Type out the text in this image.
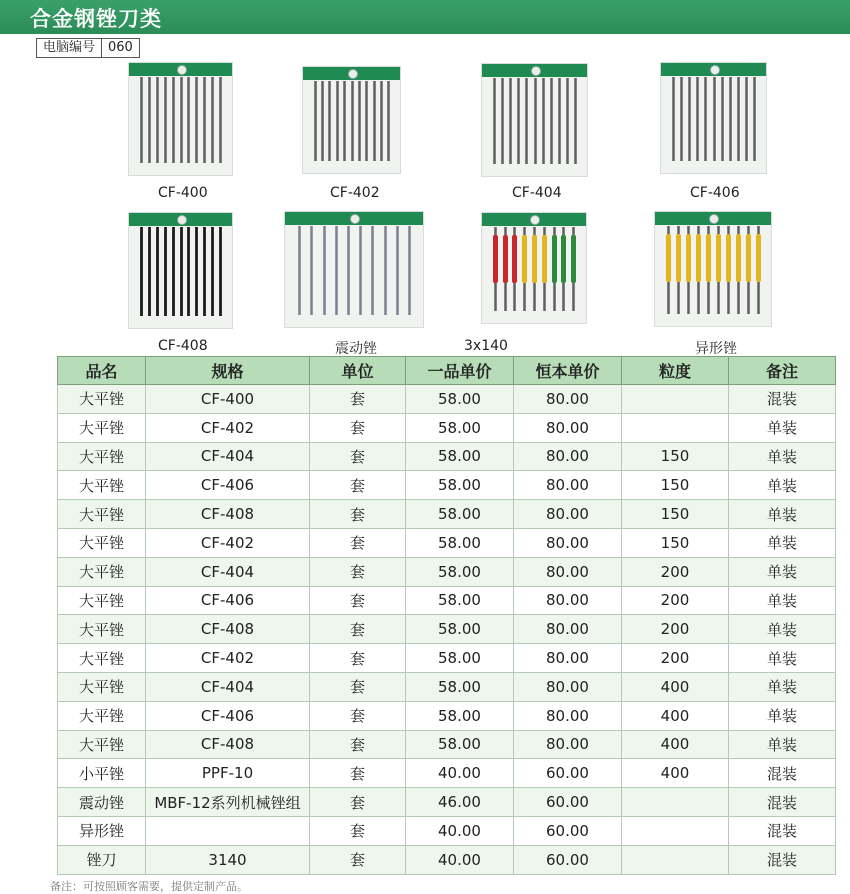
合金钢锉刀类
电脑编号	060
CF-400	CF-402	CF-404	CF-406
CF-408	震动锉	3x140	异形锉
品名	规格	单位	一品单价	恒本单价	粒度	备注
大平锉	CF-400	套	58.00	80.00		混装
大平锉	CF-402	套	58.00	80.00		单装
大平锉	CF-404	套	58.00	80.00	150	单装
大平锉	CF-406	套	58.00	80.00	150	单装
大平锉	CF-408	套	58.00	80.00	150	单装
大平锉	CF-402	套	58.00	80.00	150	单装
大平锉	CF-404	套	58.00	80.00	200	单装
大平锉	CF-406	套	58.00	80.00	200	单装
大平锉	CF-408	套	58.00	80.00	200	单装
大平锉	CF-402	套	58.00	80.00	200	单装
大平锉	CF-404	套	58.00	80.00	400	单装
大平锉	CF-406	套	58.00	80.00	400	单装
大平锉	CF-408	套	58.00	80.00	400	单装
小平锉	PPF-10	套	40.00	60.00	400	混装
震动锉	MBF-12系列机械锉组	套	46.00	60.00		混装
异形锉		套	40.00	60.00		混装
锉刀	3140	套	40.00	60.00		混装
备注：可按照顾客需要，提供定制产品。
